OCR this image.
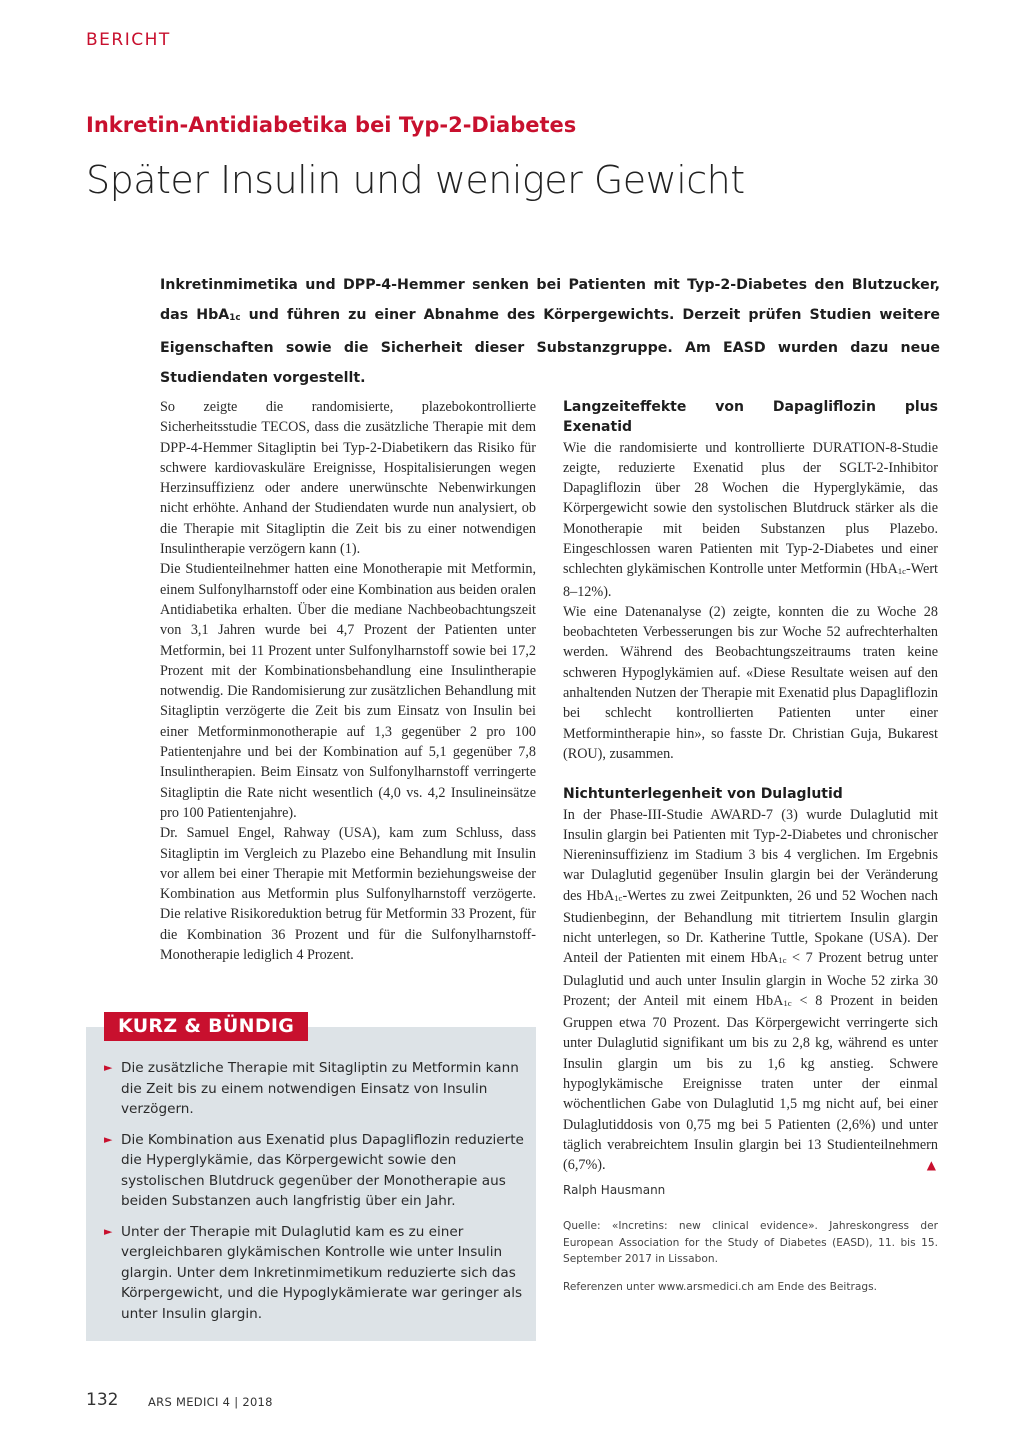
BERICHT
Inkretin-Antidiabetika bei Typ-2-Diabetes
Später Insulin und weniger Gewicht

Inkretinmimetika und DPP-4-Hemmer senken bei Patienten mit Typ-2-Diabetes den Blutzucker, das HbA$_{1c}$ und führen zu einer Abnahme des Körpergewichts. Derzeit prüfen Studien weitere Eigenschaften sowie die Sicherheit dieser Substanzgruppe. Am EASD wurden dazu neue Studiendaten vorgestellt.

So zeigte die randomisierte, plazebokontrollierte Sicherheitsstudie TECOS, dass die zusätzliche Therapie mit dem DPP-4-Hemmer Sitagliptin bei Typ-2-Diabetikern das Risiko für schwere kardiovaskuläre Ereignisse, Hospitalisierungen wegen Herzinsuffizienz oder andere unerwünschte Nebenwirkungen nicht erhöhte. Anhand der Studiendaten wurde nun analysiert, ob die Therapie mit Sitagliptin die Zeit bis zu einer notwendigen Insulintherapie verzögern kann (1).

Die Studienteilnehmer hatten eine Monotherapie mit Metformin, einem Sulfonylharnstoff oder eine Kombination aus beiden oralen Antidiabetika erhalten. Über die mediane Nachbeobachtungszeit von 3,1 Jahren wurde bei 4,7 Prozent der Patienten unter Metformin, bei 11 Prozent unter Sulfonylharnstoff sowie bei 17,2 Prozent mit der Kombinationsbehandlung eine Insulintherapie notwendig. Die Randomisierung zur zusätzlichen Behandlung mit Sitagliptin verzögerte die Zeit bis zum Einsatz von Insulin bei einer Metforminmonotherapie auf 1,3 gegenüber 2 pro 100 Patientenjahre und bei der Kombination auf 5,1 gegenüber 7,8 Insulintherapien. Beim Einsatz von Sulfonylharnstoff verringerte Sitagliptin die Rate nicht wesentlich (4,0 vs. 4,2 Insulineinsätze pro 100 Patientenjahre).

Dr. Samuel Engel, Rahway (USA), kam zum Schluss, dass Sitagliptin im Vergleich zu Plazebo eine Behandlung mit Insulin vor allem bei einer Therapie mit Metformin beziehungsweise der Kombination aus Metformin plus Sulfonylharnstoff verzögerte. Die relative Risikoreduktion betrug für Metformin 33 Prozent, für die Kombination 36 Prozent und für die Sulfonylharnstoff-Monotherapie lediglich 4 Prozent.

Langzeiteffekte von Dapagliflozin plus Exenatid

Wie die randomisierte und kontrollierte DURATION-8-Studie zeigte, reduzierte Exenatid plus der SGLT-2-Inhibitor Dapagliflozin über 28 Wochen die Hyperglykämie, das Körpergewicht sowie den systolischen Blutdruck stärker als die Monotherapie mit beiden Substanzen plus Plazebo. Eingeschlossen waren Patienten mit Typ-2-Diabetes und einer schlechten glykämischen Kontrolle unter Metformin (HbA$_{1c}$-Wert 8–12%).

Wie eine Datenanalyse (2) zeigte, konnten die zu Woche 28 beobachteten Verbesserungen bis zur Woche 52 aufrechterhalten werden. Während des Beobachtungszeitraums traten keine schweren Hypoglykämien auf. «Diese Resultate weisen auf den anhaltenden Nutzen der Therapie mit Exenatid plus Dapagliflozin bei schlecht kontrollierten Patienten unter einer Metformintherapie hin», so fasste Dr. Christian Guja, Bukarest (ROU), zusammen.

Nichtunterlegenheit von Dulaglutid

In der Phase-III-Studie AWARD-7 (3) wurde Dulaglutid mit Insulin glargin bei Patienten mit Typ-2-Diabetes und chronischer Niereninsuffizienz im Stadium 3 bis 4 verglichen. Im Ergebnis war Dulaglutid gegenüber Insulin glargin bei der Veränderung des HbA$_{1c}$-Wertes zu zwei Zeitpunkten, 26 und 52 Wochen nach Studienbeginn, der Behandlung mit titriertem Insulin glargin nicht unterlegen, so Dr. Katherine Tuttle, Spokane (USA). Der Anteil der Patienten mit einem HbA$_{1c}$ < 7 Prozent betrug unter Dulaglutid und auch unter Insulin glargin in Woche 52 zirka 30 Prozent; der Anteil mit einem HbA$_{1c}$ < 8 Prozent in beiden Gruppen etwa 70 Prozent. Das Körpergewicht verringerte sich unter Dulaglutid signifikant um bis zu 2,8 kg, während es unter Insulin glargin um bis zu 1,6 kg anstieg. Schwere hypoglykämische Ereignisse traten unter der einmal wöchentlichen Gabe von Dulaglutid 1,5 mg nicht auf, bei einer Dulaglutiddosis von 0,75 mg bei 5 Patienten (2,6%) und unter täglich verabreichtem Insulin glargin bei 13 Studienteilnehmern (6,7%).	▲

KURZ & BÜNDIG
► Die zusätzliche Therapie mit Sitagliptin zu Metformin kann die Zeit bis zu einem notwendigen Einsatz von Insulin verzögern.
► Die Kombination aus Exenatid plus Dapagliflozin reduzierte die Hyperglykämie, das Körpergewicht sowie den systolischen Blutdruck gegenüber der Monotherapie aus beiden Substanzen auch langfristig über ein Jahr.
► Unter der Therapie mit Dulaglutid kam es zu einer vergleichbaren glykämischen Kontrolle wie unter Insulin glargin. Unter dem Inkretinmimetikum reduzierte sich das Körpergewicht, und die Hypoglykämierate war geringer als unter Insulin glargin.
Ralph Hausmann
Quelle: «Incretins: new clinical evidence». Jahreskongress der European Association for the Study of Diabetes (EASD), 11. bis 15. September 2017 in Lissabon.
Referenzen unter www.arsmedici.ch am Ende des Beitrags.
132	ARS MEDICI 4 | 2018
